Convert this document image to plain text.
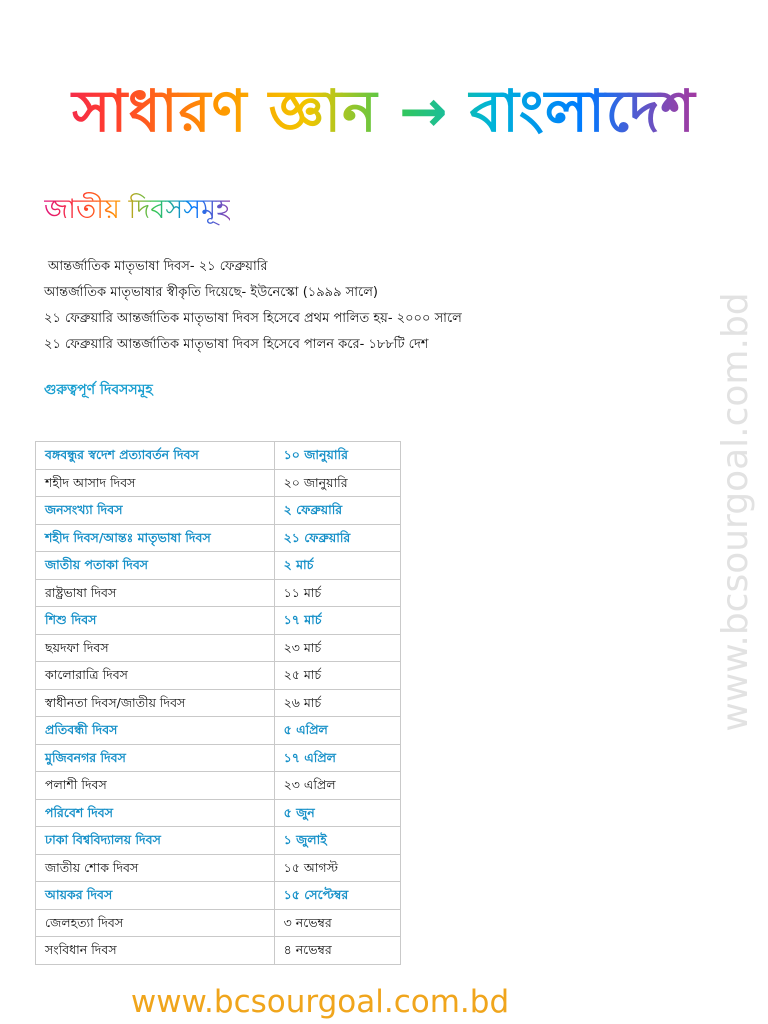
সাধারণ জ্ঞান → বাংলাদেশ
জাতীয় দিবসসমূহ
আন্তর্জাতিক মাতৃভাষা দিবস- ২১ ফেব্রুয়ারি
আন্তর্জাতিক মাতৃভাষার স্বীকৃতি দিয়েছে- ইউনেস্কো (১৯৯৯ সালে)
২১ ফেব্রুয়ারি আন্তর্জাতিক মাতৃভাষা দিবস হিসেবে প্রথম পালিত হয়- ২০০০ সালে
২১ ফেব্রুয়ারি আন্তর্জাতিক মাতৃভাষা দিবস হিসেবে পালন করে- ১৮৮টি দেশ
গুরুত্বপূর্ণ দিবসসমূহ
বঙ্গবন্ধুর স্বদেশ প্রত্যাবর্তন দিবস	১০ জানুয়ারি
শহীদ আসাদ দিবস	২০ জানুয়ারি
জনসংখ্যা দিবস	২ ফেব্রুয়ারি
শহীদ দিবস/আন্তঃ মাতৃভাষা দিবস	২১ ফেব্রুয়ারি
জাতীয় পতাকা দিবস	২ মার্চ
রাষ্ট্রভাষা দিবস	১১ মার্চ
শিশু দিবস	১৭ মার্চ
ছয়দফা দিবস	২৩ মার্চ
কালোরাত্রি দিবস	২৫ মার্চ
স্বাধীনতা দিবস/জাতীয় দিবস	২৬ মার্চ
প্রতিবন্ধী দিবস	৫ এপ্রিল
মুজিবনগর দিবস	১৭ এপ্রিল
পলাশী দিবস	২৩ এপ্রিল
পরিবেশ দিবস	৫ জুন
ঢাকা বিশ্ববিদ্যালয় দিবস	১ জুলাই
জাতীয় শোক দিবস	১৫ আগস্ট
আয়কর দিবস	১৫ সেপ্টেম্বর
জেলহত্যা দিবস	৩ নভেম্বর
সংবিধান দিবস	৪ নভেম্বর
www.bcsourgoal.com.bd
www.bcsourgoal.com.bd
